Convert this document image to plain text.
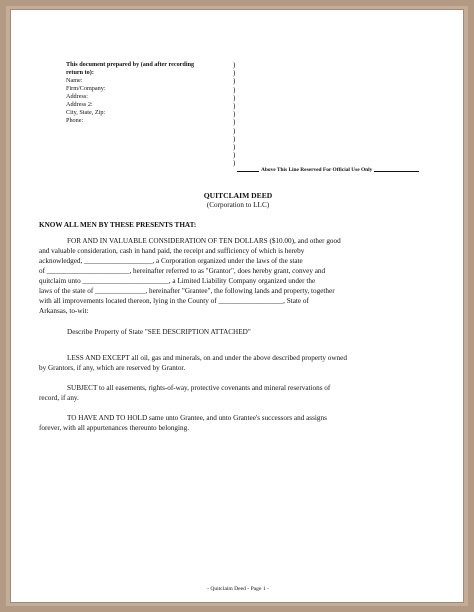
This document prepared by (and after recording
return to):
Name:
Firm/Company:
Address:
Address 2:
City, State, Zip:
Phone:
)
)
)
)
)
)
)
)
)
)
)
)
)
Above This Line Reserved For Official Use Only
QUITCLAIM DEED
(Corporation to LLC)
KNOW ALL MEN BY THESE PRESENTS THAT:
FOR AND IN VALUABLE CONSIDERATION OF TEN DOLLARS ($10.00), and other good
and valuable consideration, cash in hand paid, the receipt and sufficiency of which is hereby
acknowledged, ___________________, a Corporation organized under the laws of the state
of _______________________, hereinafter referred to as "Grantor", does hereby grant, convey and
quitclaim unto ________________________, a Limited Liability Company organized under the
laws of the state of ______________, hereinafter "Grantee", the following lands and property, together
with all improvements located thereon, lying in the County of __________________, State of
Arkansas, to-wit:
Describe Property of State "SEE DESCRIPTION ATTACHED"
LESS AND EXCEPT all oil, gas and minerals, on and under the above described property owned
by Grantors, if any, which are reserved by Grantor.
SUBJECT to all easements, rights-of-way, protective covenants and mineral reservations of
record, if any.
TO HAVE AND TO HOLD same unto Grantee, and unto Grantee's successors and assigns
forever, with all appurtenances thereunto belonging.
- Quitclaim Deed - Page 1 -
